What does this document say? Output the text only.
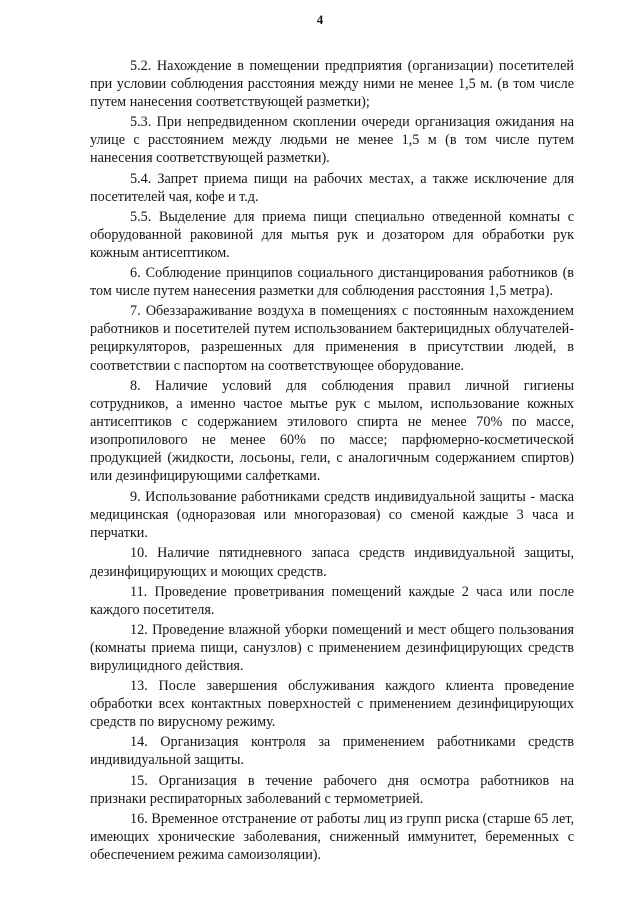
4

5.2. Нахождение в помещении предприятия (организации) посетителей при условии соблюдения расстояния между ними не менее 1,5 м. (в том числе путем нанесения соответствующей разметки);

5.3. При непредвиденном скоплении очереди организация ожидания на улице с расстоянием между людьми не менее 1,5 м (в том числе путем нанесения соответствующей разметки).

5.4. Запрет приема пищи на рабочих местах, а также исключение для посетителей чая, кофе и т.д.

5.5. Выделение для приема пищи специально отведенной комнаты с оборудованной раковиной для мытья рук и дозатором для обработки рук кожным антисептиком.

6. Соблюдение принципов социального дистанцирования работников (в том числе путем нанесения разметки для соблюдения расстояния 1,5 метра).

7. Обеззараживание воздуха в помещениях с постоянным нахождением работников и посетителей путем использованием бактерицидных облучателей-рециркуляторов, разрешенных для применения в присутствии людей, в соответствии с паспортом на соответствующее оборудование.

8. Наличие условий для соблюдения правил личной гигиены сотрудников, а именно частое мытье рук с мылом, использование кожных антисептиков с содержанием этилового спирта не менее 70% по массе, изопропилового не менее 60% по массе; парфюмерно-косметической продукцией (жидкости, лосьоны, гели, с аналогичным содержанием спиртов) или дезинфицирующими салфетками.

9. Использование работниками средств индивидуальной защиты - маска медицинская (одноразовая или многоразовая) со сменой каждые 3 часа и перчатки.

10. Наличие пятидневного запаса средств индивидуальной защиты, дезинфицирующих и моющих средств.

11. Проведение проветривания помещений каждые 2 часа или после каждого посетителя.

12. Проведение влажной уборки помещений и мест общего пользования (комнаты приема пищи, санузлов) с применением дезинфицирующих средств вирулицидного действия.

13. После завершения обслуживания каждого клиента проведение обработки всех контактных поверхностей с применением дезинфицирующих средств по вирусному режиму.

14. Организация контроля за применением работниками средств индивидуальной защиты.

15. Организация в течение рабочего дня осмотра работников на признаки респираторных заболеваний с термометрией.

16. Временное отстранение от работы лиц из групп риска (старше 65 лет, имеющих хронические заболевания, сниженный иммунитет, беременных с обеспечением режима самоизоляции).
